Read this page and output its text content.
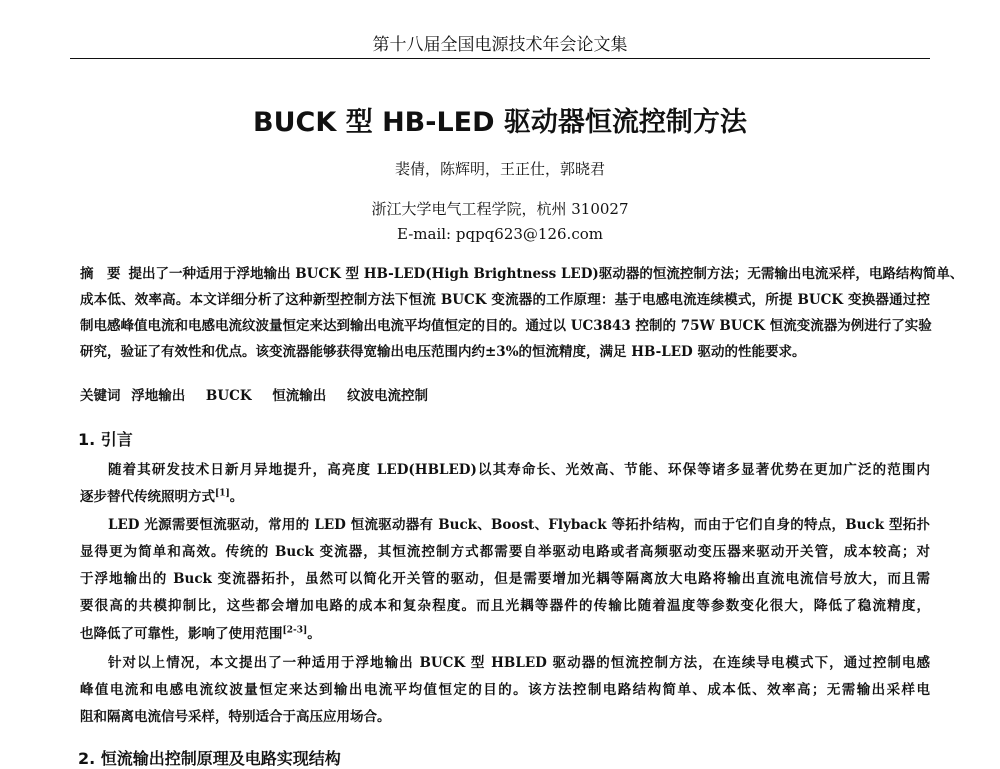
第十八届全国电源技术年会论文集
BUCK 型 HB-LED 驱动器恒流控制方法
裴倩，陈辉明，王正仕，郭晓君
浙江大学电气工程学院，杭州 310027
E-mail: pqpq623@126.com
摘　要 提出了一种适用于浮地输出 BUCK 型 HB-LED(High Brightness LED)驱动器的恒流控制方法；无需输出电流采样，电路结构简单、
成本低、效率高。本文详细分析了这种新型控制方法下恒流 BUCK 变流器的工作原理：基于电感电流连续模式，所提 BUCK 变换器通过控
制电感峰值电流和电感电流纹波量恒定来达到输出电流平均值恒定的目的。通过以 UC3843 控制的 75W BUCK 恒流变流器为例进行了实验
研究，验证了有效性和优点。该变流器能够获得宽输出电压范围内约±3%的恒流精度，满足 HB-LED 驱动的性能要求。
关键词 浮地输出 BUCK 恒流输出 纹波电流控制
1. 引言
随着其研发技术日新月异地提升，高亮度 LED(HBLED)以其寿命长、光效高、节能、环保等诸多显著优势在更加广泛的范围内
逐步替代传统照明方式[1]。
LED 光源需要恒流驱动，常用的 LED 恒流驱动器有 Buck、Boost、Flyback 等拓扑结构，而由于它们自身的特点，Buck 型拓扑
显得更为简单和高效。传统的 Buck 变流器，其恒流控制方式都需要自举驱动电路或者高频驱动变压器来驱动开关管，成本较高；对
于浮地输出的 Buck 变流器拓扑，虽然可以简化开关管的驱动，但是需要增加光耦等隔离放大电路将输出直流电流信号放大，而且需
要很高的共模抑制比，这些都会增加电路的成本和复杂程度。而且光耦等器件的传输比随着温度等参数变化很大，降低了稳流精度，
也降低了可靠性，影响了使用范围[2-3]。
针对以上情况，本文提出了一种适用于浮地输出 BUCK 型 HBLED 驱动器的恒流控制方法，在连续导电模式下，通过控制电感
峰值电流和电感电流纹波量恒定来达到输出电流平均值恒定的目的。该方法控制电路结构简单、成本低、效率高；无需输出采样电
阻和隔离电流信号采样，特别适合于高压应用场合。
2. 恒流输出控制原理及电路实现结构
